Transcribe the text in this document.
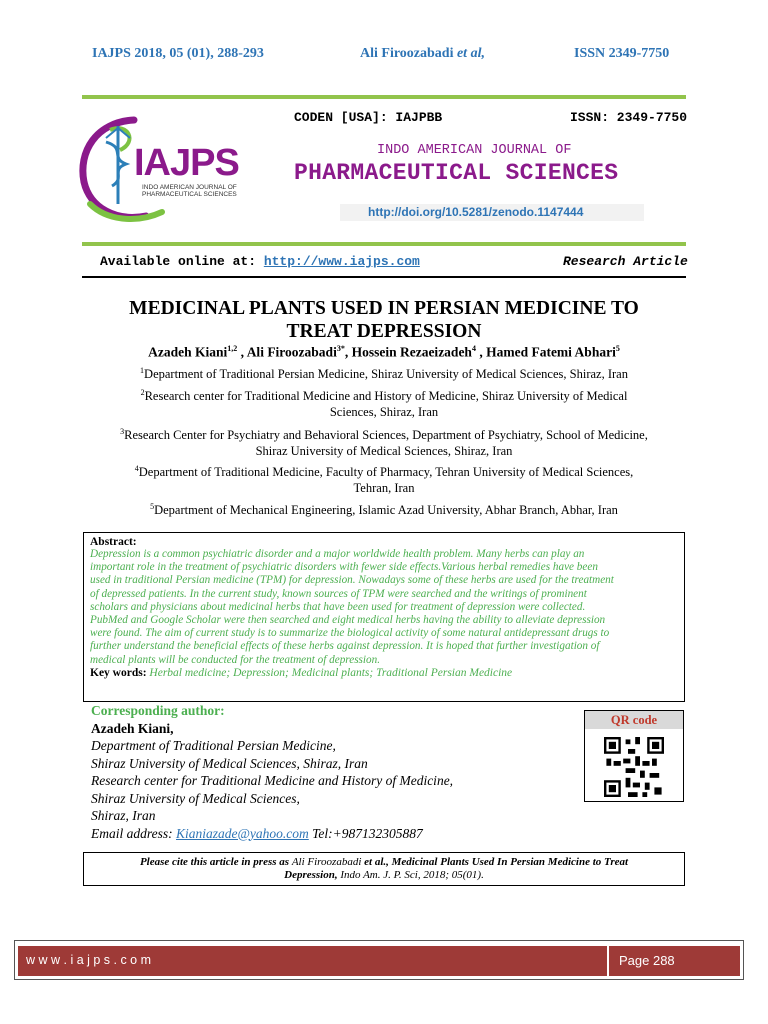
IAJPS 2018, 05 (01), 288-293	Ali Firoozabadi et al,	ISSN 2349-7750
IAJPS
INDO AMERICAN JOURNAL OF
PHARMACEUTICAL SCIENCES
CODEN [USA]: IAJPBB	ISSN: 2349-7750
INDO AMERICAN JOURNAL OF
PHARMACEUTICAL SCIENCES
http://doi.org/10.5281/zenodo.1147444
Available online at: http://www.iajps.com	Research Article
MEDICINAL PLANTS USED IN PERSIAN MEDICINE TO
TREAT DEPRESSION
Azadeh Kiani$^{1,2}$ , Ali Firoozabadi$^{3*}$, Hossein Rezaeizadeh$^4$ , Hamed Fatemi Abhari$^5$
$^1$Department of Traditional Persian Medicine, Shiraz University of Medical Sciences, Shiraz, Iran
$^2$Research center for Traditional Medicine and History of Medicine, Shiraz University of Medical
Sciences, Shiraz, Iran
$^3$Research Center for Psychiatry and Behavioral Sciences, Department of Psychiatry, School of Medicine,
Shiraz University of Medical Sciences, Shiraz, Iran
$^4$Department of Traditional Medicine, Faculty of Pharmacy, Tehran University of Medical Sciences,
Tehran, Iran
$^5$Department of Mechanical Engineering, Islamic Azad University, Abhar Branch, Abhar, Iran
Abstract:
Depression is a common psychiatric disorder and a major worldwide health problem. Many herbs can play an
important role in the treatment of psychiatric disorders with fewer side effects.Various herbal remedies have been
used in traditional Persian medicine (TPM) for depression. Nowadays some of these herbs are used for the treatment
of depressed patients. In the current study, known sources of TPM were searched and the writings of prominent
scholars and physicians about medicinal herbs that have been used for treatment of depression were collected.
PubMed and Google Scholar were then searched and eight medical herbs having the ability to alleviate depression
were found. The aim of current study is to summarize the biological activity of some natural antidepressant drugs to
further understand the beneficial effects of these herbs against depression. It is hoped that further investigation of
medical plants will be conducted for the treatment of depression.
Key words: Herbal medicine; Depression; Medicinal plants; Traditional Persian Medicine
Corresponding author:
Azadeh Kiani,
Department of Traditional Persian Medicine,
Shiraz University of Medical Sciences, Shiraz, Iran
Research center for Traditional Medicine and History of Medicine,
Shiraz University of Medical Sciences,
Shiraz, Iran
Email address: Kianiazade@yahoo.com Tel:+987132305887
QR code
Please cite this article in press as Ali Firoozabadi et al., Medicinal Plants Used In Persian Medicine to Treat
Depression, Indo Am. J. P. Sci, 2018; 05(01).
w w w . i a j p s . c o m	Page 288
